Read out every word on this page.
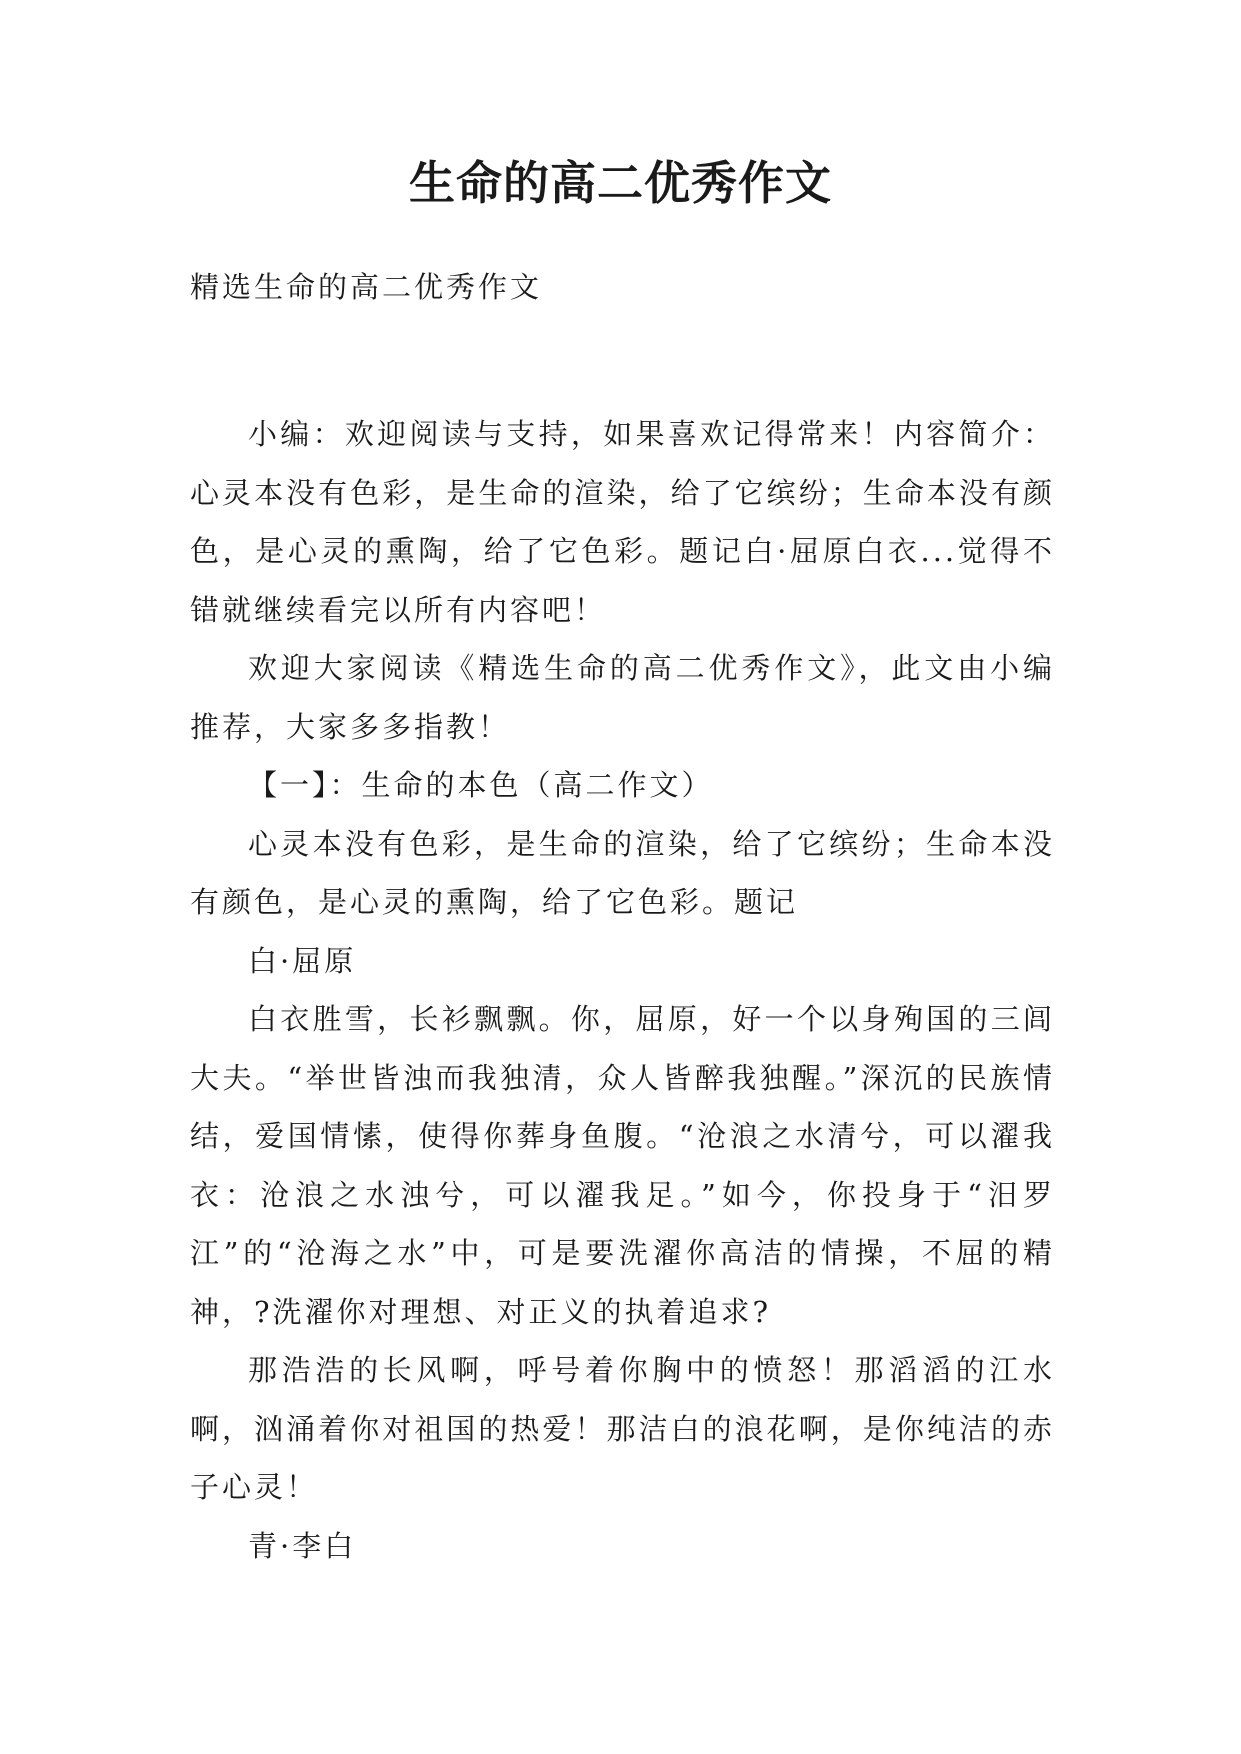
生命的高二优秀作文
精选生命的高二优秀作文

小编：欢迎阅读与支持，如果喜欢记得常来！内容简介：心灵本没有色彩，是生命的渲染，给了它缤纷；生命本没有颜色，是心灵的熏陶，给了它色彩。题记白·屈原白衣...觉得不错就继续看完以所有内容吧！

欢迎大家阅读《精选生命的高二优秀作文》，此文由小编推荐，大家多多指教！

【一】：生命的本色（高二作文）

心灵本没有色彩，是生命的渲染，给了它缤纷；生命本没有颜色，是心灵的熏陶，给了它色彩。题记

白·屈原

白衣胜雪，长衫飘飘。你，屈原，好一个以身殉国的三闾大夫。“举世皆浊而我独清，众人皆醉我独醒。”深沉的民族情结，爱国情愫，使得你葬身鱼腹。“沧浪之水清兮，可以濯我衣：沧浪之水浊兮，可以濯我足。”如今，你投身于“汨罗江”的“沧海之水”中，可是要洗濯你高洁的情操，不屈的精神，?洗濯你对理想、对正义的执着追求?

那浩浩的长风啊，呼号着你胸中的愤怒！那滔滔的江水啊，汹涌着你对祖国的热爱！那洁白的浪花啊，是你纯洁的赤子心灵！

青·李白
